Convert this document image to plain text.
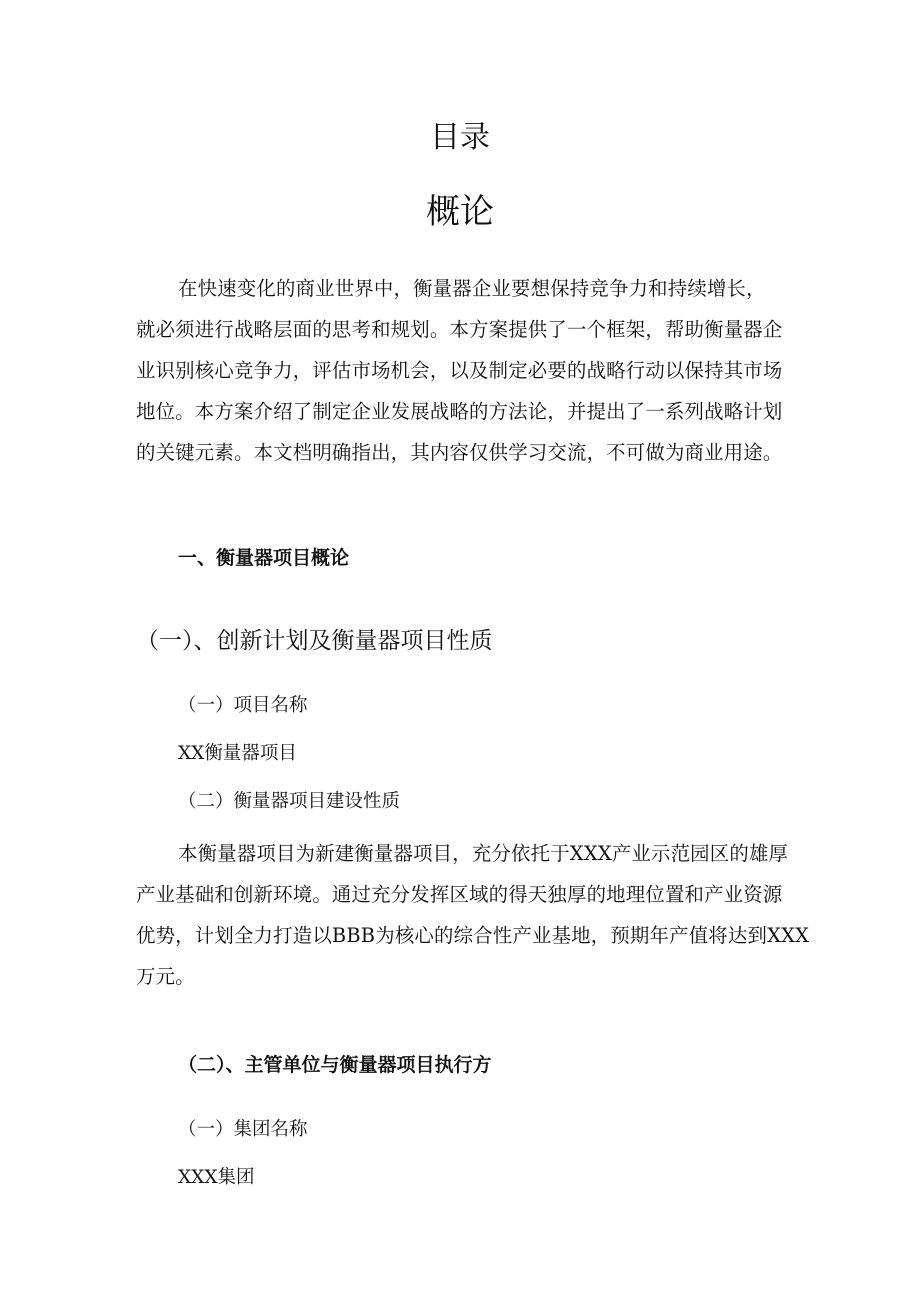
目录
概论
在快速变化的商业世界中，衡量器企业要想保持竞争力和持续增长，
就必须进行战略层面的思考和规划。本方案提供了一个框架，帮助衡量器企
业识别核心竞争力，评估市场机会，以及制定必要的战略行动以保持其市场
地位。本方案介绍了制定企业发展战略的方法论，并提出了一系列战略计划
的关键元素。本文档明确指出，其内容仅供学习交流，不可做为商业用途。
一、衡量器项目概论
（一）、创新计划及衡量器项目性质
（一）项目名称
XX衡量器项目
（二）衡量器项目建设性质
本衡量器项目为新建衡量器项目，充分依托于XXX产业示范园区的雄厚
产业基础和创新环境。通过充分发挥区域的得天独厚的地理位置和产业资源
优势，计划全力打造以BBB为核心的综合性产业基地，预期年产值将达到XXX
万元。
（二）、主管单位与衡量器项目执行方
（一）集团名称
XXX集团
